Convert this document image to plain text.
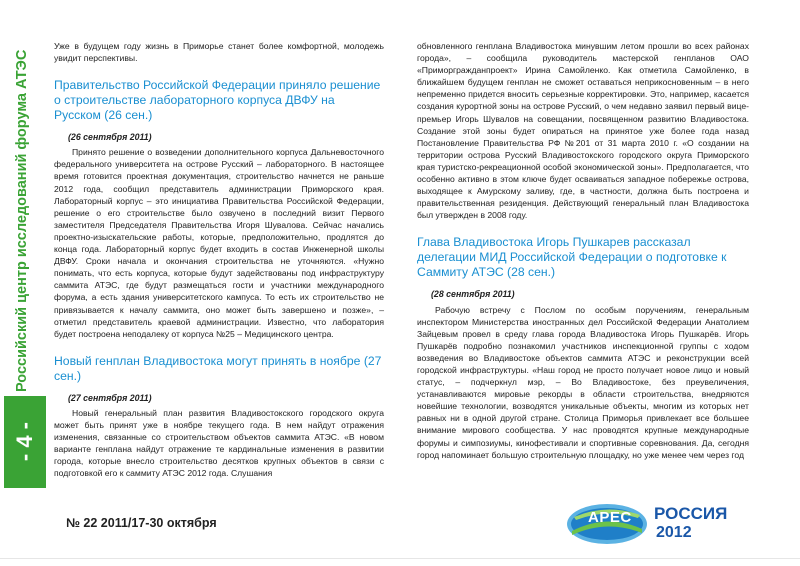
Российский центр исследований форума АТЭС
- 4 -

Уже в будущем году жизнь в Приморье станет более комфортной, молодежь увидит перспективы.

Правительство Российской Федерации приняло решение о строительстве лабораторного корпуса ДВФУ на Русском (26 сен.)
(26 сентября 2011)

Принято решение о возведении дополнительного корпуса Дальневосточного федерального университета на острове Русский – лабораторного. В настоящее время готовится проектная документация, строительство начнется не раньше 2012 года, сообщил представитель администрации Приморского края. Лабораторный корпус – это инициатива Правительства Российской Федерации, решение о его строительстве было озвучено в последний визит Первого заместителя Председателя Правительства Игоря Шувалова. Сейчас начались проектно-изыскательские работы, которые, предположительно, продлятся до конца года. Лабораторный корпус будет входить в состав Инженерной школы ДВФУ. Сроки начала и окончания строительства не уточняются. «Нужно понимать, что есть корпуса, которые будут задействованы под инфраструктуру саммита АТЭС, где будут размещаться гости и участники международного форума, а есть здания университетского кампуса. То есть их строительство не привязывается к началу саммита, оно может быть завершено и позже», – отметил представитель краевой администрации. Известно, что лаборатория будет построена неподалеку от корпуса №25 – Медицинского центра.

Новый генплан Владивостока могут принять в ноябре (27 сен.)
(27 сентября 2011)

Новый генеральный план развития Владивостокского городского округа может быть принят уже в ноябре текущего года. В нем найдут отражения изменения, связанные со строительством объектов саммита АТЭС. «В новом варианте генплана найдут отражение те кардинальные изменения в развитии города, которые внесло строительство десятков крупных объектов в связи с подготовкой его к саммиту АТЭС 2012 года. Слушания

обновленного генплана Владивостока минувшим летом прошли во всех районах города», – сообщила руководитель мастерской генпланов ОАО «Приморгражданпроект» Ирина Самойленко. Как отметила Самойленко, в ближайшем будущем генплан не сможет оставаться неприкосновенным – в него непременно придется вносить серьезные корректировки. Это, например, касается создания курортной зоны на острове Русский, о чем недавно заявил первый вице-премьер Игорь Шувалов на совещании, посвященном развитию Владивостока. Создание этой зоны будет опираться на принятое уже более года назад Постановление Правительства РФ №201 от 31 марта 2010 г. «О создании на территории острова Русский Владивостокского городского округа Приморского края туристско-рекреационной особой экономической зоны». Предполагается, что особенно активно в этом ключе будет осваиваться западное побережье острова, выходящее к Амурскому заливу, где, в частности, должна быть построена и правительственная резиденция. Действующий генеральный план Владивостока был утвержден в 2008 году.

Глава Владивостока Игорь Пушкарев рассказал делегации МИД Российской Федерации о подготовке к Саммиту АТЭС (28 сен.)
(28 сентября 2011)

Рабочую встречу с Послом по особым поручениям, генеральным инспектором Министерства иностранных дел Российской Федерации Анатолием Зайцевым провел в среду глава города Владивостока Игорь Пушкарёв. Игорь Пушкарёв подробно познакомил участников инспекционной группы с ходом возведения во Владивостоке объектов саммита АТЭС и реконструкции всей городской инфраструктуры. «Наш город не просто получает новое лицо и новый статус, – подчеркнул мэр, – Во Владивостоке, без преувеличения, устанавливаются мировые рекорды в области строительства, внедряются новейшие технологии, возводятся уникальные объекты, многим из которых нет равных ни в одной другой стране. Столица Приморья привлекает все большее внимание мирового сообщества. У нас проводятся крупные международные форумы и симпозиумы, кинофестивали и спортивные соревнования. Да, сегодня город напоминает большую строительную площадку, но уже менее чем через год

№ 22 2011/17-30 октября	APEC РОССИЯ
2012
